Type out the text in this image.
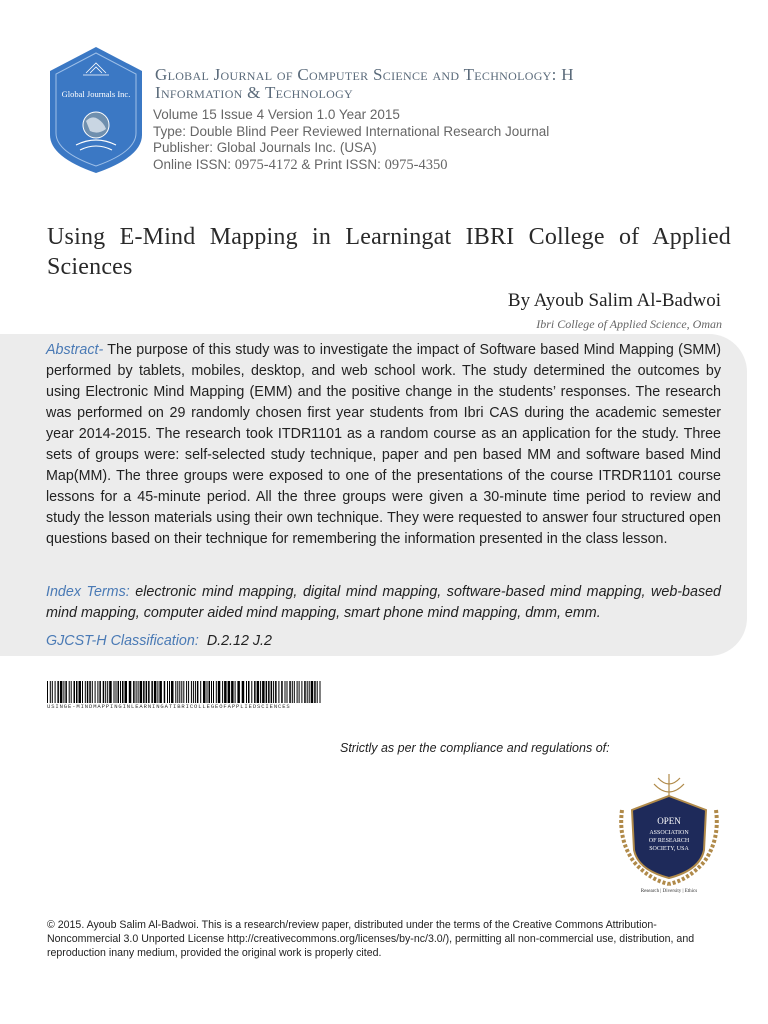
Global Journals Inc.
Global Journal of Computer Science and Technology: H
Information & Technology
Volume 15 Issue 4 Version 1.0 Year 2015
Type: Double Blind Peer Reviewed International Research Journal
Publisher: Global Journals Inc. (USA)
Online ISSN: 0975-4172 & Print ISSN: 0975-4350
Using E-Mind Mapping in Learningat IBRI College of Applied Sciences
By Ayoub Salim Al-Badwoi
Ibri College of Applied Science, Oman
Abstract- The purpose of this study was to investigate the impact of Software based Mind Mapping (SMM) performed by tablets, mobiles, desktop, and web school work. The study determined the outcomes by using Electronic Mind Mapping (EMM) and the positive change in the students’ responses. The research was performed on 29 randomly chosen first year students from Ibri CAS during the academic semester year 2014-2015. The research took ITDR1101 as a random course as an application for the study. Three sets of groups were: self-selected study technique, paper and pen based MM and software based Mind Map(MM). The three groups were exposed to one of the presentations of the course ITRDR1101 course lessons for a 45-minute period. All the three groups were given a 30-minute time period to review and study the lesson materials using their own technique. They were requested to answer four structured open questions based on their technique for remembering the information presented in the class lesson.
Index Terms: electronic mind mapping, digital mind mapping, software-based mind mapping, web-based mind mapping, computer aided mind mapping, smart phone mind mapping, dmm, emm.
GJCST-H Classification: D.2.12 J.2
USINGE-MINDMAPPINGINLEARNINGATIBRICOLLEGEOFAPPLIEDSCIENCES
Strictly as per the compliance and regulations of:
OPEN
ASSOCIATION
OF RESEARCH
SOCIETY, USA
Research | Diversity | Ethics
© 2015. Ayoub Salim Al-Badwoi. This is a research/review paper, distributed under the terms of the Creative Commons Attribution-Noncommercial 3.0 Unported License http://creativecommons.org/licenses/by-nc/3.0/), permitting all non-commercial use, distribution, and reproduction inany medium, provided the original work is properly cited.
